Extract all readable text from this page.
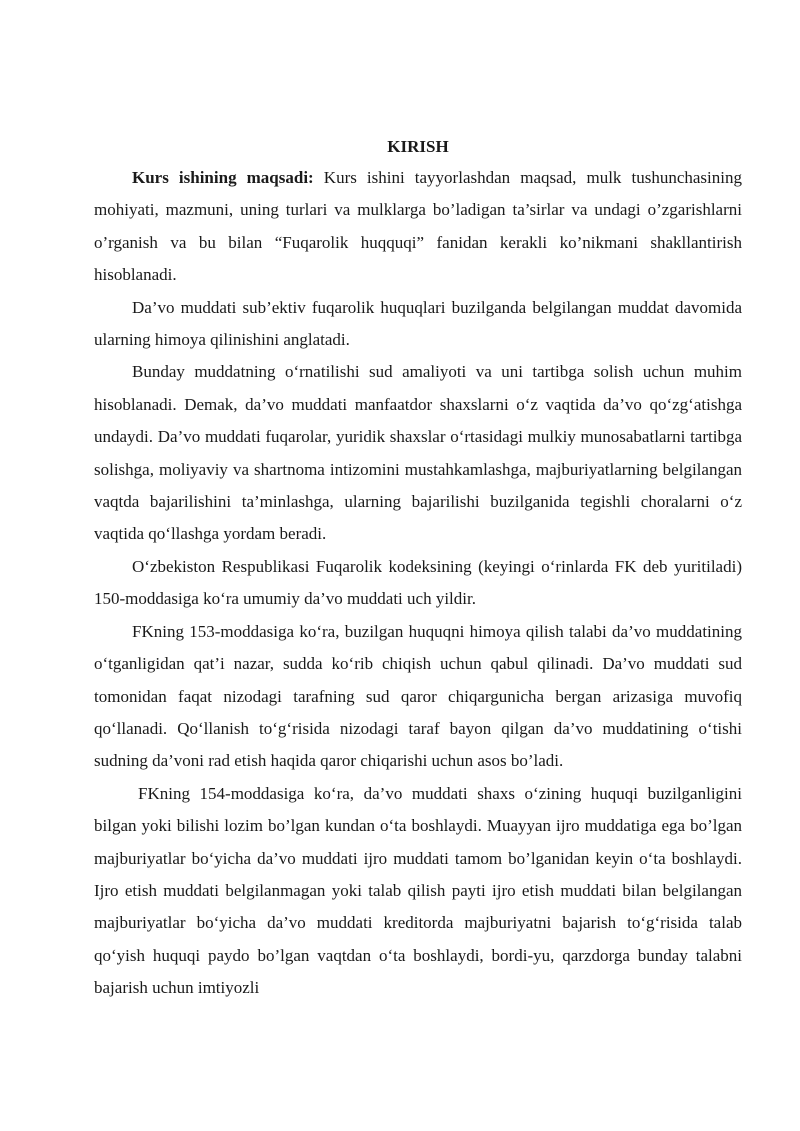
KIRISH

Kurs ishining maqsadi: Kurs ishini tayyorlashdan maqsad, mulk tushunchasining mohiyati, mazmuni, uning turlari va mulklarga bo’ladigan ta’sirlar va undagi o’zgarishlarni o’rganish va bu bilan “Fuqarolik huqquqi” fanidan kerakli ko’nikmani shakllantirish hisoblanadi.

Da’vo muddati sub’ektiv fuqarolik huquqlari buzilganda belgilangan muddat davomida ularning himoya qilinishini anglatadi.

Bunday muddatning o‘rnatilishi sud amaliyoti va uni tartibga solish uchun muhim hisoblanadi. Demak, da’vo muddati manfaatdor shaxslarni o‘z vaqtida da’vo qo‘zg‘atishga undaydi. Da’vo muddati fuqarolar, yuridik shaxslar o‘rtasidagi mulkiy munosabatlarni tartibga solishga, moliyaviy va shartnoma intizomini mustahkamlashga, majburiyatlarning belgilangan vaqtda bajarilishini ta’minlashga, ularning bajarilishi buzilganida tegishli choralarni o‘z vaqtida qo‘llashga yordam beradi.

O‘zbekiston Respublikasi Fuqarolik kodeksining (keyingi o‘rinlarda FK deb yuritiladi) 150-moddasiga ko‘ra umumiy da’vo muddati uch yildir.

FKning 153-moddasiga ko‘ra, buzilgan huquqni himoya qilish talabi da’vo muddatining o‘tganligidan qat’i nazar, sudda ko‘rib chiqish uchun qabul qilinadi. Da’vo muddati sud tomonidan faqat nizodagi tarafning sud qaror chiqargunicha bergan arizasiga muvofiq qo‘llanadi. Qo‘llanish to‘g‘risida nizodagi taraf bayon qilgan da’vo muddatining o‘tishi sudning da’voni rad etish haqida qaror chiqarishi uchun asos bo’ladi.

FKning 154-moddasiga ko‘ra, da’vo muddati shaxs o‘zining huquqi buzilganligini bilgan yoki bilishi lozim bo’lgan kundan o‘ta boshlaydi. Muayyan ijro muddatiga ega bo’lgan majburiyatlar bo‘yicha da’vo muddati ijro muddati tamom bo’lganidan keyin o‘ta boshlaydi. Ijro etish muddati belgilanmagan yoki talab qilish payti ijro etish muddati bilan belgilangan majburiyatlar bo‘yicha da’vo muddati kreditorda majburiyatni bajarish to‘g‘risida talab qo‘yish huquqi paydo bo’lgan vaqtdan o‘ta boshlaydi, bordi-yu, qarzdorga bunday talabni bajarish uchun imtiyozli
